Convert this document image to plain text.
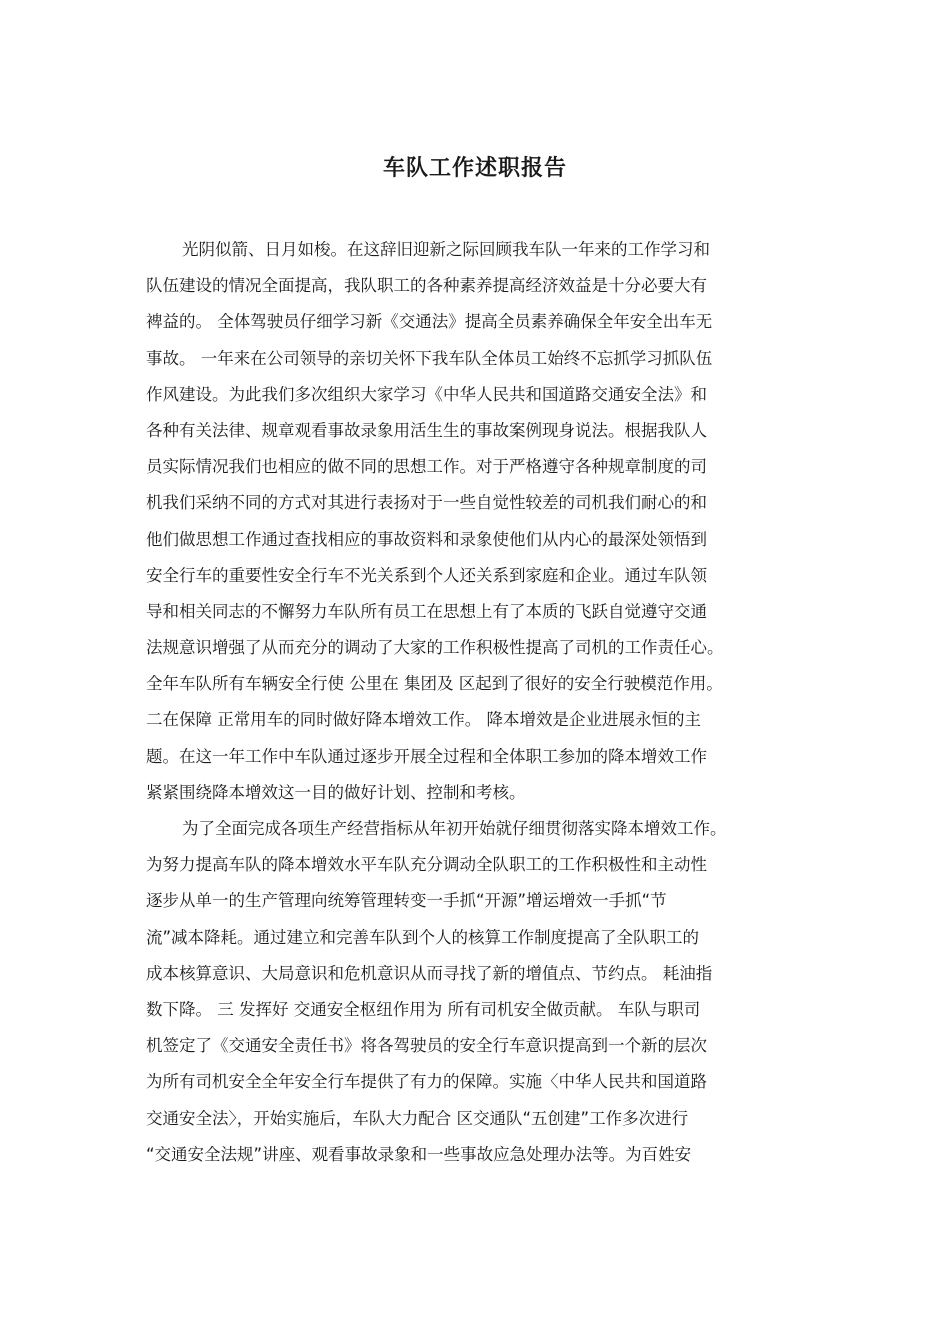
车队工作述职报告
光阴似箭、日月如梭。在这辞旧迎新之际回顾我车队一年来的工作学习和
队伍建设的情况全面提高，我队职工的各种素养提高经济效益是十分必要大有
裨益的。 全体驾驶员仔细学习新《交通法》提高全员素养确保全年安全出车无
事故。 一年来在公司领导的亲切关怀下我车队全体员工始终不忘抓学习抓队伍
作风建设。为此我们多次组织大家学习《中华人民共和国道路交通安全法》和
各种有关法律、规章观看事故录象用活生生的事故案例现身说法。根据我队人
员实际情况我们也相应的做不同的思想工作。对于严格遵守各种规章制度的司
机我们采纳不同的方式对其进行表扬对于一些自觉性较差的司机我们耐心的和
他们做思想工作通过查找相应的事故资料和录象使他们从内心的最深处领悟到
安全行车的重要性安全行车不光关系到个人还关系到家庭和企业。通过车队领
导和相关同志的不懈努力车队所有员工在思想上有了本质的飞跃自觉遵守交通
法规意识增强了从而充分的调动了大家的工作积极性提高了司机的工作责任心。
全年车队所有车辆安全行使 公里在 集团及 区起到了很好的安全行驶模范作用。
二在保障 正常用车的同时做好降本增效工作。 降本增效是企业进展永恒的主
题。在这一年工作中车队通过逐步开展全过程和全体职工参加的降本增效工作
紧紧围绕降本增效这一目的做好计划、控制和考核。
为了全面完成各项生产经营指标从年初开始就仔细贯彻落实降本增效工作。
为努力提高车队的降本增效水平车队充分调动全队职工的工作积极性和主动性
逐步从单一的生产管理向统筹管理转变一手抓“开源”增运增效一手抓“节
流”减本降耗。通过建立和完善车队到个人的核算工作制度提高了全队职工的
成本核算意识、大局意识和危机意识从而寻找了新的增值点、节约点。 耗油指
数下降。 三 发挥好 交通安全枢纽作用为 所有司机安全做贡献。 车队与职司
机签定了《交通安全责任书》将各驾驶员的安全行车意识提高到一个新的层次
为所有司机安全全年安全行车提供了有力的保障。实施〈中华人民共和国道路
交通安全法〉，开始实施后，车队大力配合 区交通队“五创建”工作多次进行
“交通安全法规”讲座、观看事故录象和一些事故应急处理办法等。为百姓安
